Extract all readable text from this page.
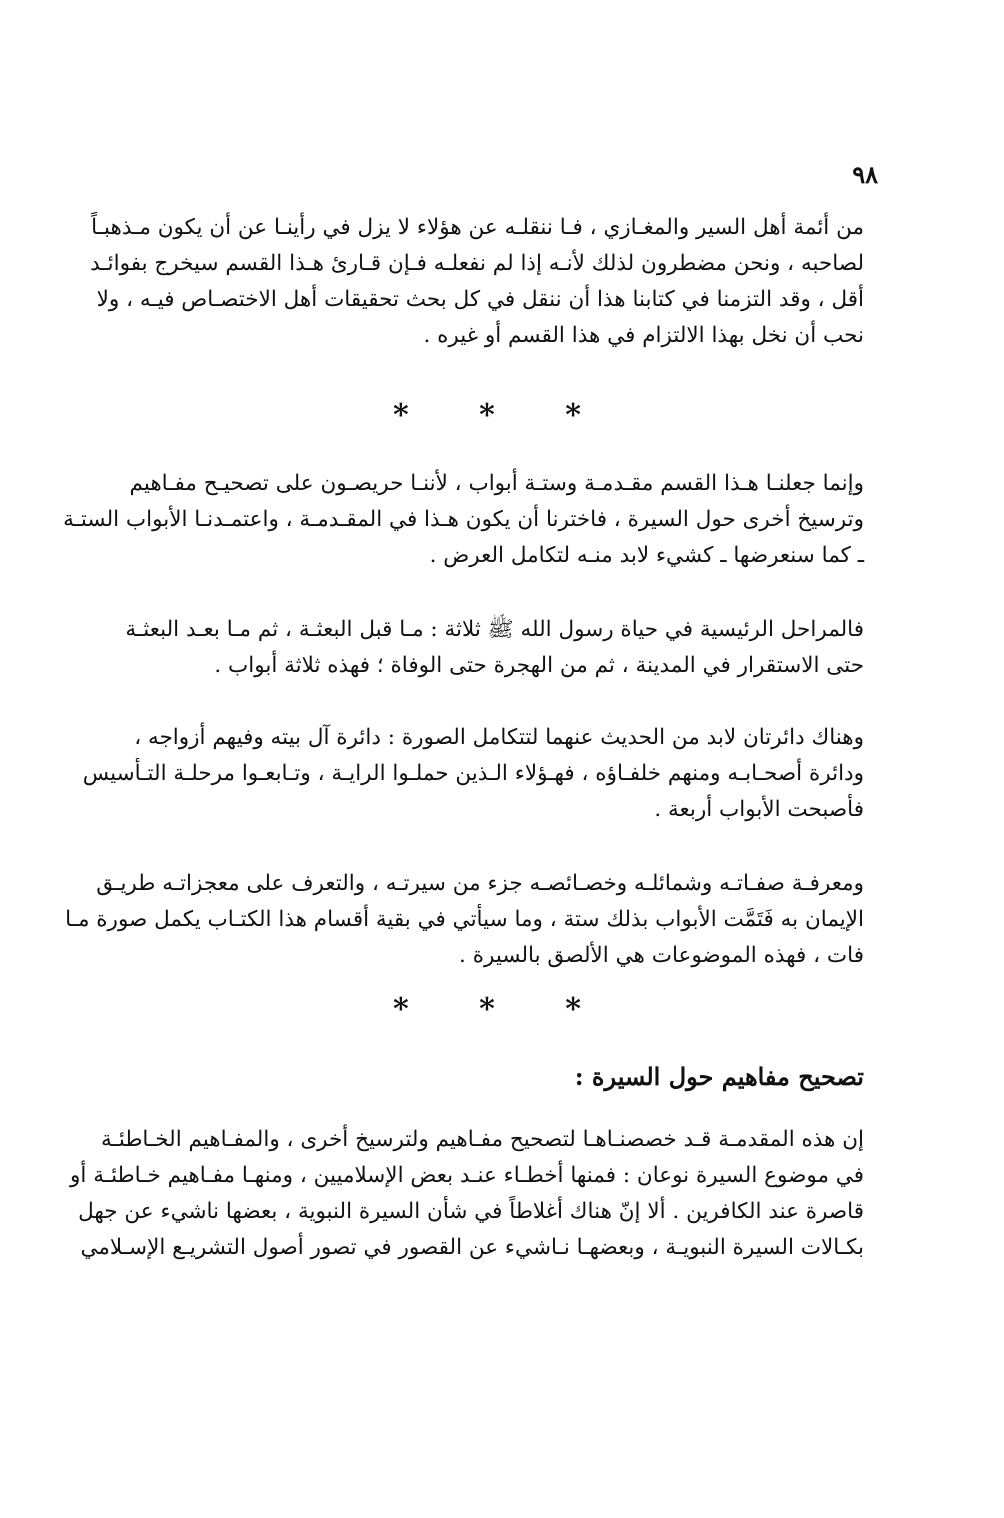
٩٨
من أئمة أهل السير والمغـازي ، فـا ننقلـه عن هؤلاء لا يزل في رأينـا عن أن يكون مـذهبـاً
لصاحبه ، ونحن مضطرون لذلك لأنـه إذا لم نفعلـه فـإن قـارئ هـذا القسم سيخرج بفوائـد
أقل ، وقد التزمنا في كتابنا هذا أن ننقل في كل بحث تحقيقات أهل الاختصـاص فيـه ، ولا
نحب أن نخل بهذا الالتزام في هذا القسم أو غيره .
* * *
وإنما جعلنـا هـذا القسم مقـدمـة وستـة أبواب ، لأننـا حريصـون على تصحيـح مفـاهيم
وترسيخ أخرى حول السيرة ، فاخترنا أن يكون هـذا في المقـدمـة ، واعتمـدنـا الأبواب الستـة
ـ كما سنعرضها ـ كشيء لابد منـه لتكامل العرض .
فالمراحل الرئيسية في حياة رسول الله ﷺ ثلاثة : مـا قبل البعثـة ، ثم مـا بعـد البعثـة
حتى الاستقرار في المدينة ، ثم من الهجرة حتى الوفاة ؛ فهذه ثلاثة أبواب .
وهناك دائرتان لابد من الحديث عنهما لتتكامل الصورة : دائرة آل بيته وفيهم أزواجه ،
ودائرة أصحـابـه ومنهم خلفـاؤه ، فهـؤلاء الـذين حملـوا الرايـة ، وتـابعـوا مرحلـة التـأسيس
فأصبحت الأبواب أربعة .
ومعرفـة صفـاتـه وشمائلـه وخصـائصـه جزء من سيرتـه ، والتعرف على معجزاتـه طريـق
الإيمان به فَتَمَّت الأبواب بذلك ستة ، وما سيأتي في بقية أقسام هذا الكتـاب يكمل صورة مـا
فات ، فهذه الموضوعات هي الألصق بالسيرة .
* * *
تصحيح مفاهيم حول السيرة :
إن هذه المقدمـة قـد خصصنـاهـا لتصحيح مفـاهيم ولترسيخ أخرى ، والمفـاهيم الخـاطئـة
في موضوع السيرة نوعان : فمنها أخطـاء عنـد بعض الإسلاميين ، ومنهـا مفـاهيم خـاطئـة أو
قاصرة عند الكافرين . ألا إنّ هناك أغلاطاً في شأن السيرة النبوية ، بعضها ناشيء عن جهل
بكـالات السيرة النبويـة ، وبعضهـا نـاشيء عن القصور في تصور أصول التشريـع الإسـلامي
